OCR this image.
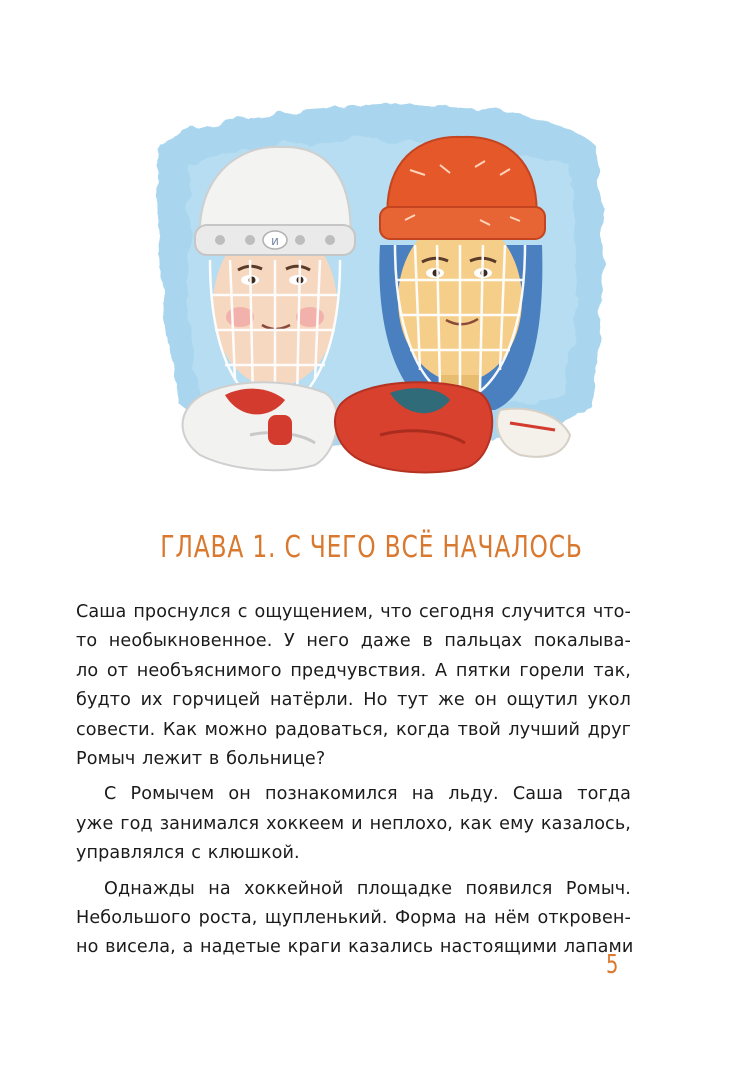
И
ГЛАВА 1. С ЧЕГО ВСЁ НАЧАЛОСЬ

Саша проснулся с ощущением, что сегодня случится что-
то необыкновенное. У него даже в пальцах покалыва-
ло от необъяснимого предчувствия. А пятки горели так,
будто их горчицей натёрли. Но тут же он ощутил укол
совести. Как можно радоваться, когда твой лучший друг
Ромыч лежит в больнице?

С Ромычем он познакомился на льду. Саша тогда
уже год занимался хоккеем и неплохо, как ему казалось,
управлялся с клюшкой.

Однажды на хоккейной площадке появился Ромыч.
Небольшого роста, щупленький. Форма на нём откровен-
но висела, а надетые краги казались настоящими лапами

5
